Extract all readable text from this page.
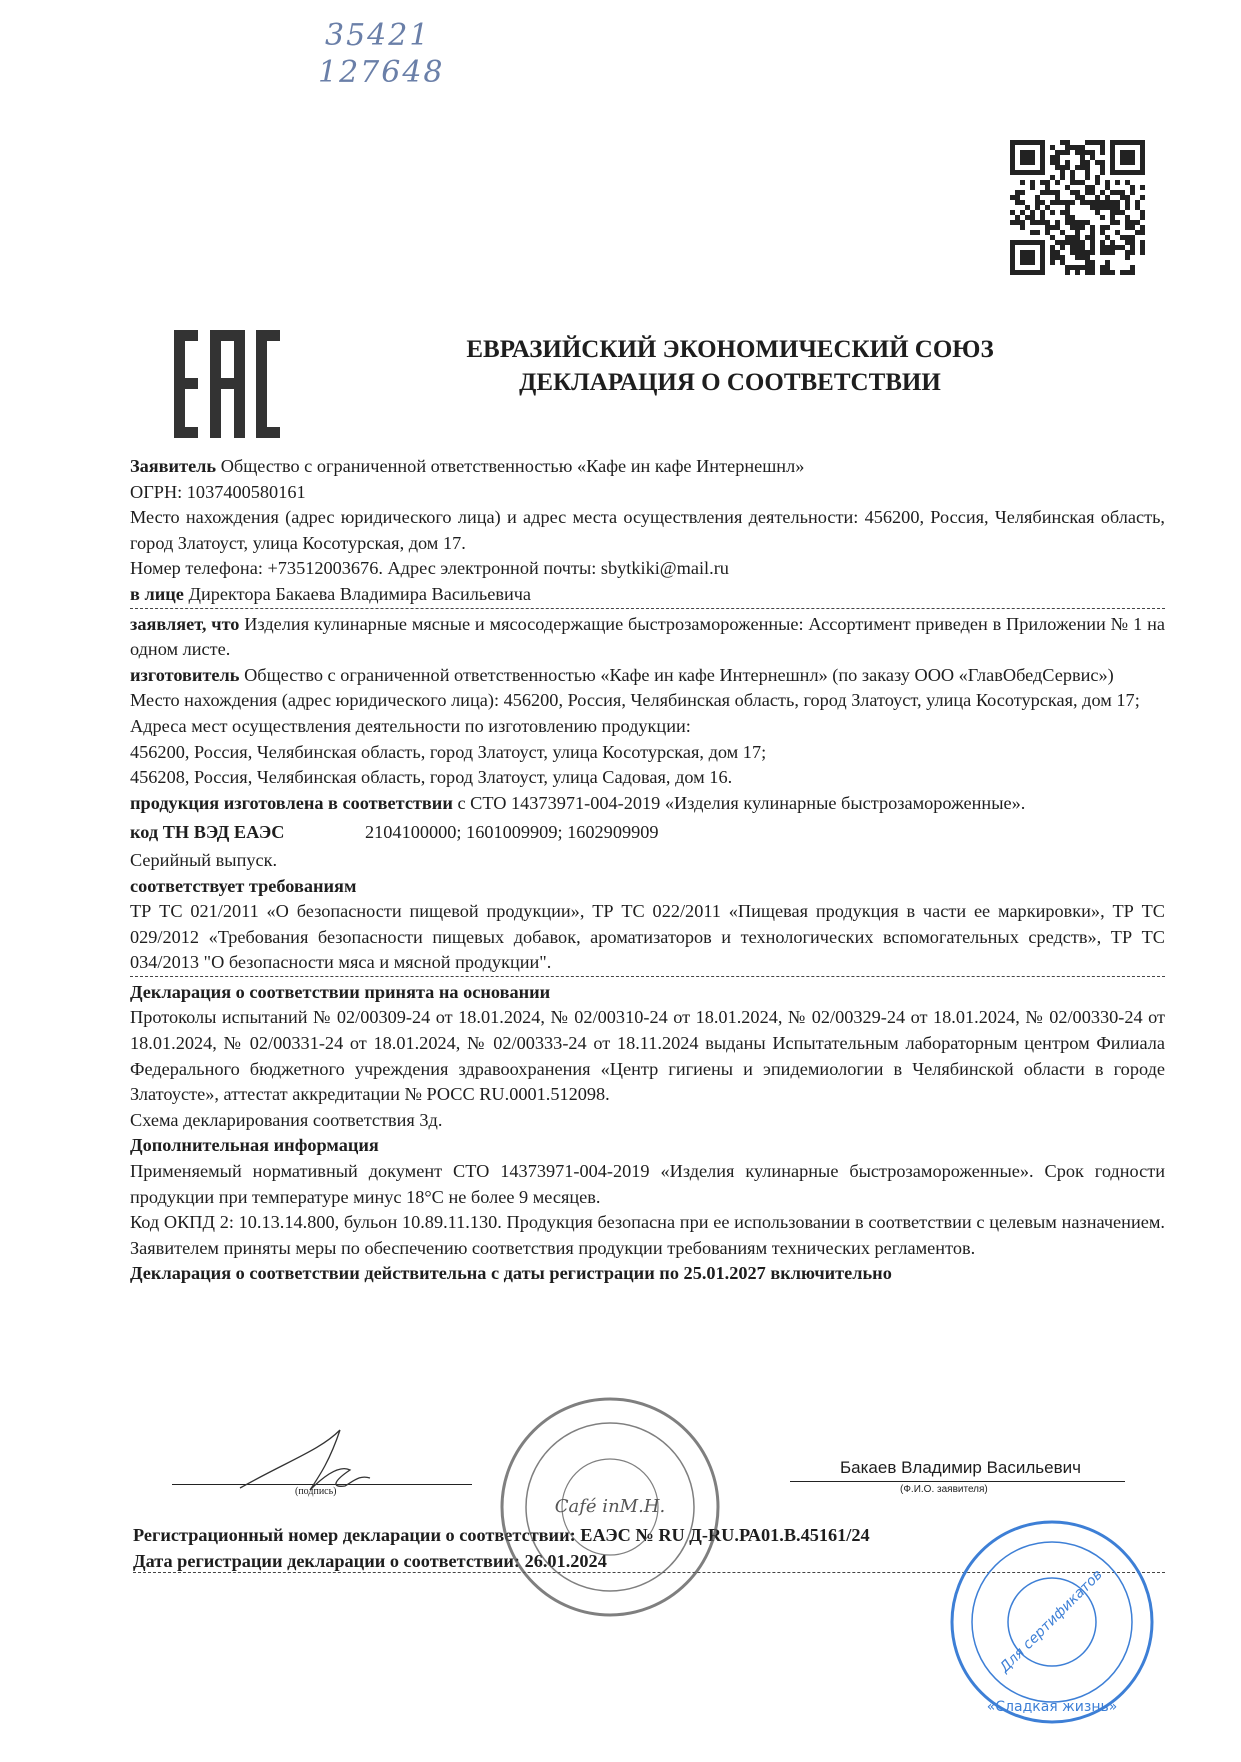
35421
127648
ЕВРАЗИЙСКИЙ ЭКОНОМИЧЕСКИЙ СОЮЗ
ДЕКЛАРАЦИЯ О СООТВЕТСТВИИ

Заявитель Общество с ограниченной ответственностью «Кафе ин кафе Интернешнл»

ОГРН: 1037400580161

Место нахождения (адрес юридического лица) и адрес места осуществления деятельности: 456200, Россия, Челябинская область, город Златоуст, улица Косотурская, дом 17.

Номер телефона: +73512003676. Адрес электронной почты: sbytkiki@mail.ru

в лице Директора Бакаева Владимира Васильевича

заявляет, что Изделия кулинарные мясные и мясосодержащие быстрозамороженные: Ассортимент приведен в Приложении № 1 на одном листе.

изготовитель Общество с ограниченной ответственностью «Кафе ин кафе Интернешнл» (по заказу ООО «ГлавОбедСервис»)

Место нахождения (адрес юридического лица): 456200, Россия, Челябинская область, город Златоуст, улица Косотурская, дом 17;

Адреса мест осуществления деятельности по изготовлению продукции:

456200, Россия, Челябинская область, город Златоуст, улица Косотурская, дом 17;

456208, Россия, Челябинская область, город Златоуст, улица Садовая, дом 16.

продукция изготовлена в соответствии с СТО 14373971-004-2019 «Изделия кулинарные быстрозамороженные».

код ТН ВЭД ЕАЭС	2104100000; 1601009909; 1602909909

Серийный выпуск.

соответствует требованиям

ТР ТС 021/2011 «О безопасности пищевой продукции», ТР ТС 022/2011 «Пищевая продукция в части ее маркировки», ТР ТС 029/2012 «Требования безопасности пищевых добавок, ароматизаторов и технологических вспомогательных средств», ТР ТС 034/2013 "О безопасности мяса и мясной продукции".

Декларация о соответствии принята на основании

Протоколы испытаний № 02/00309-24 от 18.01.2024, № 02/00310-24 от 18.01.2024, № 02/00329-24 от 18.01.2024, № 02/00330-24 от 18.01.2024, № 02/00331-24 от 18.01.2024, № 02/00333-24 от 18.11.2024 выданы Испытательным лабораторным центром Филиала Федерального бюджетного учреждения здравоохранения «Центр гигиены и эпидемиологии в Челябинской области в городе Златоусте», аттестат аккредитации № РОСС RU.0001.512098.

Схема декларирования соответствия 3д.

Дополнительная информация

Применяемый нормативный документ СТО 14373971-004-2019 «Изделия кулинарные быстрозамороженные». Срок годности продукции при температуре минус 18°С не более 9 месяцев.

Код ОКПД 2: 10.13.14.800, бульон 10.89.11.130. Продукция безопасна при ее использовании в соответствии с целевым назначением. Заявителем приняты меры по обеспечению соответствия продукции требованиям технических регламентов.

Декларация о соответствии действительна с даты регистрации по 25.01.2027 включительно

(подпись)
Бакаев Владимир Васильевич
(Ф.И.О. заявителя)
Регистрационный номер декларации о соответствии: ЕАЭС № RU Д-RU.РА01.В.45161/24
Дата регистрации декларации о соответствии: 26.01.2024
Café inM.H.
Для сертификатов
«Сладкая жизнь»
